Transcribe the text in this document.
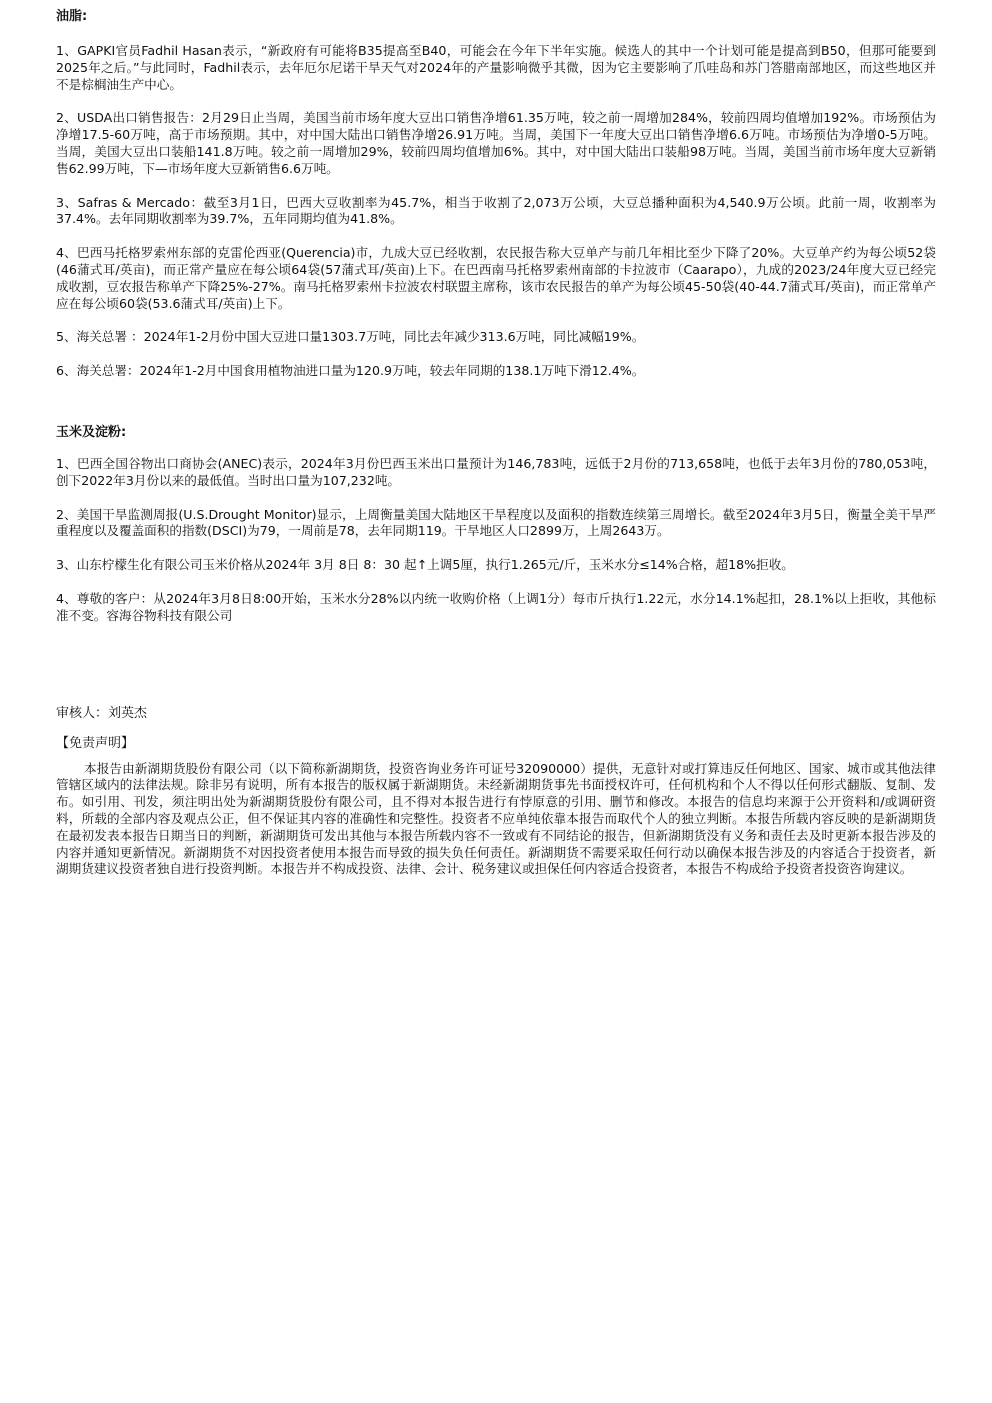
油脂:

1、GAPKI官员Fadhil Hasan表示，“新政府有可能将B35提高至B40，可能会在今年下半年实施。候选人的其中一个计划可能是提高到B50，但那可能要到2025年之后。”与此同时，Fadhil表示，去年厄尔尼诺干旱天气对2024年的产量影响微乎其微，因为它主要影响了爪哇岛和苏门答腊南部地区，而这些地区并不是棕榈油生产中心。

2、USDA出口销售报告：2月29日止当周，美国当前市场年度大豆出口销售净增61.35万吨，较之前一周增加284%，较前四周均值增加192%。市场预估为净增17.5-60万吨，高于市场预期。其中，对中国大陆出口销售净增26.91万吨。当周，美国下一年度大豆出口销售净增6.6万吨。市场预估为净增0-5万吨。当周，美国大豆出口装船141.8万吨。较之前一周增加29%，较前四周均值增加6%。其中，对中国大陆出口装船98万吨。当周，美国当前市场年度大豆新销售62.99万吨，下—市场年度大豆新销售6.6万吨。

3、Safras & Mercado：截至3月1日，巴西大豆收割率为45.7%，相当于收割了2,073万公顷，大豆总播种面积为4,540.9万公顷。此前一周，收割率为37.4%。去年同期收割率为39.7%，五年同期均值为41.8%。

4、巴西马托格罗索州东部的克雷伦西亚(Querencia)市，九成大豆已经收割，农民报告称大豆单产与前几年相比至少下降了20%。大豆单产约为每公顷52袋(46蒲式耳/英亩)，而正常产量应在每公顷64袋(57蒲式耳/英亩)上下。在巴西南马托格罗索州南部的卡拉波市（Caarapo），九成的2023/24年度大豆已经完成收割，豆农报告称单产下降25%-27%。南马托格罗索州卡拉波农村联盟主席称，该市农民报告的单产为每公顷45-50袋(40-44.7蒲式耳/英亩)，而正常单产应在每公顷60袋(53.6蒲式耳/英亩)上下。

5、海关总署 ：2024年1-2月份中国大豆进口量1303.7万吨，同比去年减少313.6万吨，同比减幅19%。

6、海关总署：2024年1-2月中国食用植物油进口量为120.9万吨，较去年同期的138.1万吨下滑12.4%。

玉米及淀粉:

1、巴西全国谷物出口商协会(ANEC)表示，2024年3月份巴西玉米出口量预计为146,783吨，远低于2月份的713,658吨，也低于去年3月份的780,053吨，创下2022年3月份以来的最低值。当时出口量为107,232吨。

2、美国干旱监测周报(U.S.Drought Monitor)显示，上周衡量美国大陆地区干旱程度以及面积的指数连续第三周增长。截至2024年3月5日，衡量全美干旱严重程度以及覆盖面积的指数(DSCI)为79，一周前是78，去年同期119。干旱地区人口2899万，上周2643万。

3、山东柠檬生化有限公司玉米价格从2024年 3月 8日 8：30 起↑上调5厘，执行1.265元/斤，玉米水分≤14%合格，超18%拒收。

4、尊敬的客户：从2024年3月8日8:00开始，玉米水分28%以内统一收购价格（上调1分）每市斤执行1.22元，水分14.1%起扣，28.1%以上拒收，其他标准不变。容海谷物科技有限公司

审核人：刘英杰

【免责声明】

本报告由新湖期货股份有限公司（以下简称新湖期货，投资咨询业务许可证号32090000）提供，无意针对或打算违反任何地区、国家、城市或其他法律管辖区域内的法律法规。除非另有说明，所有本报告的版权属于新湖期货。未经新湖期货事先书面授权许可，任何机构和个人不得以任何形式翻版、复制、发布。如引用、刊发，须注明出处为新湖期货股份有限公司，且不得对本报告进行有悖原意的引用、删节和修改。本报告的信息均来源于公开资料和/或调研资料，所载的全部内容及观点公正，但不保证其内容的准确性和完整性。投资者不应单纯依靠本报告而取代个人的独立判断。本报告所载内容反映的是新湖期货在最初发表本报告日期当日的判断，新湖期货可发出其他与本报告所载内容不一致或有不同结论的报告，但新湖期货没有义务和责任去及时更新本报告涉及的内容并通知更新情况。新湖期货不对因投资者使用本报告而导致的损失负任何责任。新湖期货不需要采取任何行动以确保本报告涉及的内容适合于投资者，新湖期货建议投资者独自进行投资判断。本报告并不构成投资、法律、会计、税务建议或担保任何内容适合投资者，本报告不构成给予投资者投资咨询建议。
